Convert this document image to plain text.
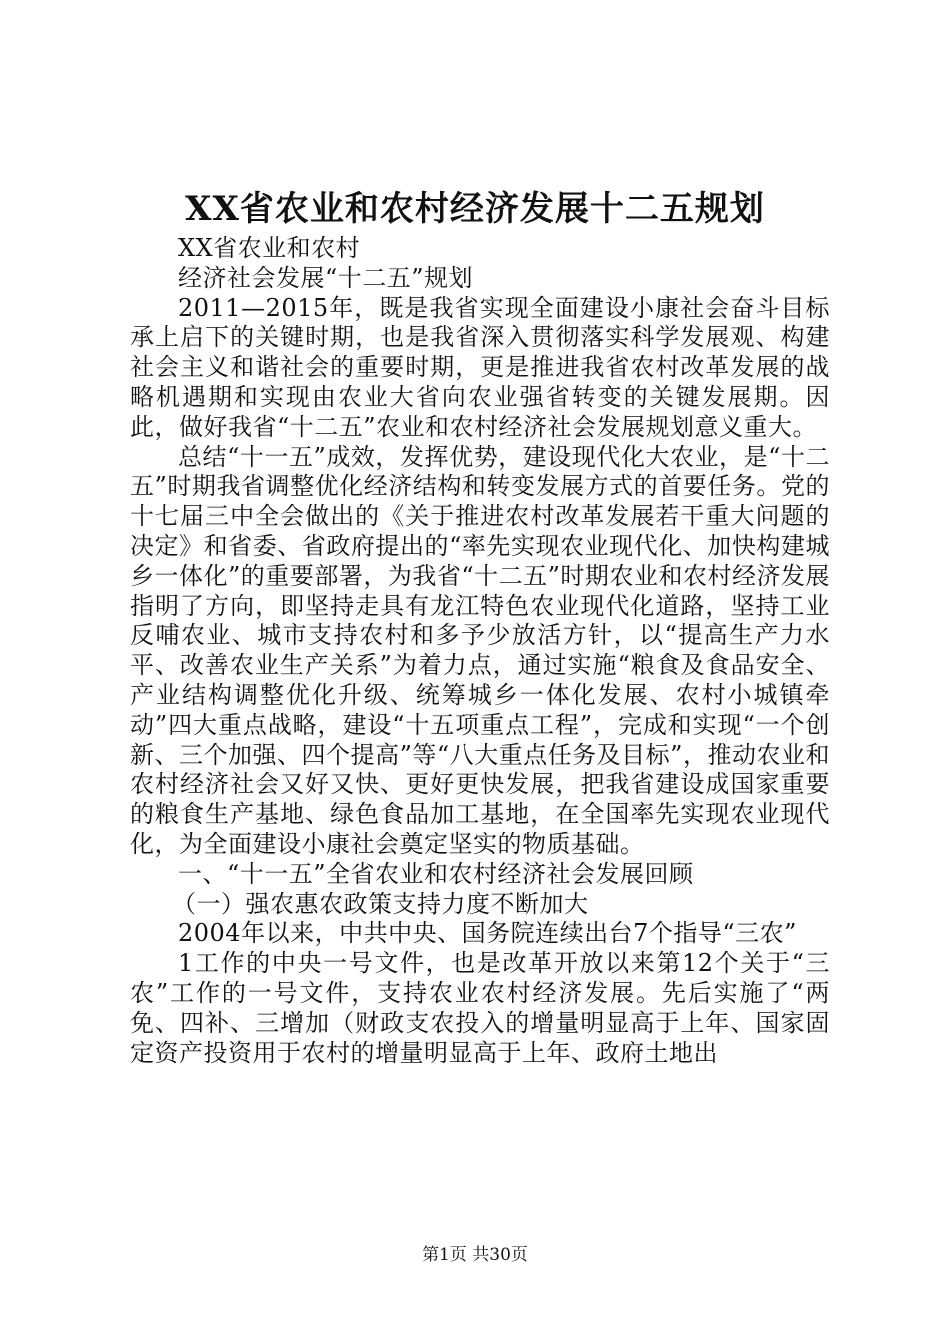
XX省农业和农村经济发展十二五规划

XX省农业和农村

经济社会发展“十二五”规划

2011—2015年，既是我省实现全面建设小康社会奋斗目标承上启下的关键时期，也是我省深入贯彻落实科学发展观、构建社会主义和谐社会的重要时期，更是推进我省农村改革发展的战略机遇期和实现由农业大省向农业强省转变的关键发展期。因此，做好我省“十二五”农业和农村经济社会发展规划意义重大。

总结“十一五”成效，发挥优势，建设现代化大农业，是“十二五”时期我省调整优化经济结构和转变发展方式的首要任务。党的十七届三中全会做出的《关于推进农村改革发展若干重大问题的决定》和省委、省政府提出的“率先实现农业现代化、加快构建城乡一体化”的重要部署，为我省“十二五”时期农业和农村经济发展指明了方向，即坚持走具有龙江特色农业现代化道路，坚持工业反哺农业、城市支持农村和多予少放活方针，以“提高生产力水平、改善农业生产关系”为着力点，通过实施“粮食及食品安全、产业结构调整优化升级、统筹城乡一体化发展、农村小城镇牵动”四大重点战略，建设“十五项重点工程”，完成和实现“一个创新、三个加强、四个提高”等“八大重点任务及目标”，推动农业和农村经济社会又好又快、更好更快发展，把我省建设成国家重要的粮食生产基地、绿色食品加工基地，在全国率先实现农业现代化，为全面建设小康社会奠定坚实的物质基础。

一、“十一五”全省农业和农村经济社会发展回顾

（一）强农惠农政策支持力度不断加大

2004年以来，中共中央、国务院连续出台7个指导“三农”

1工作的中央一号文件，也是改革开放以来第12个关于“三农”工作的一号文件，支持农业农村经济发展。先后实施了“两免、四补、三增加（财政支农投入的增量明显高于上年、国家固定资产投资用于农村的增量明显高于上年、政府土地出

第1页 共30页
